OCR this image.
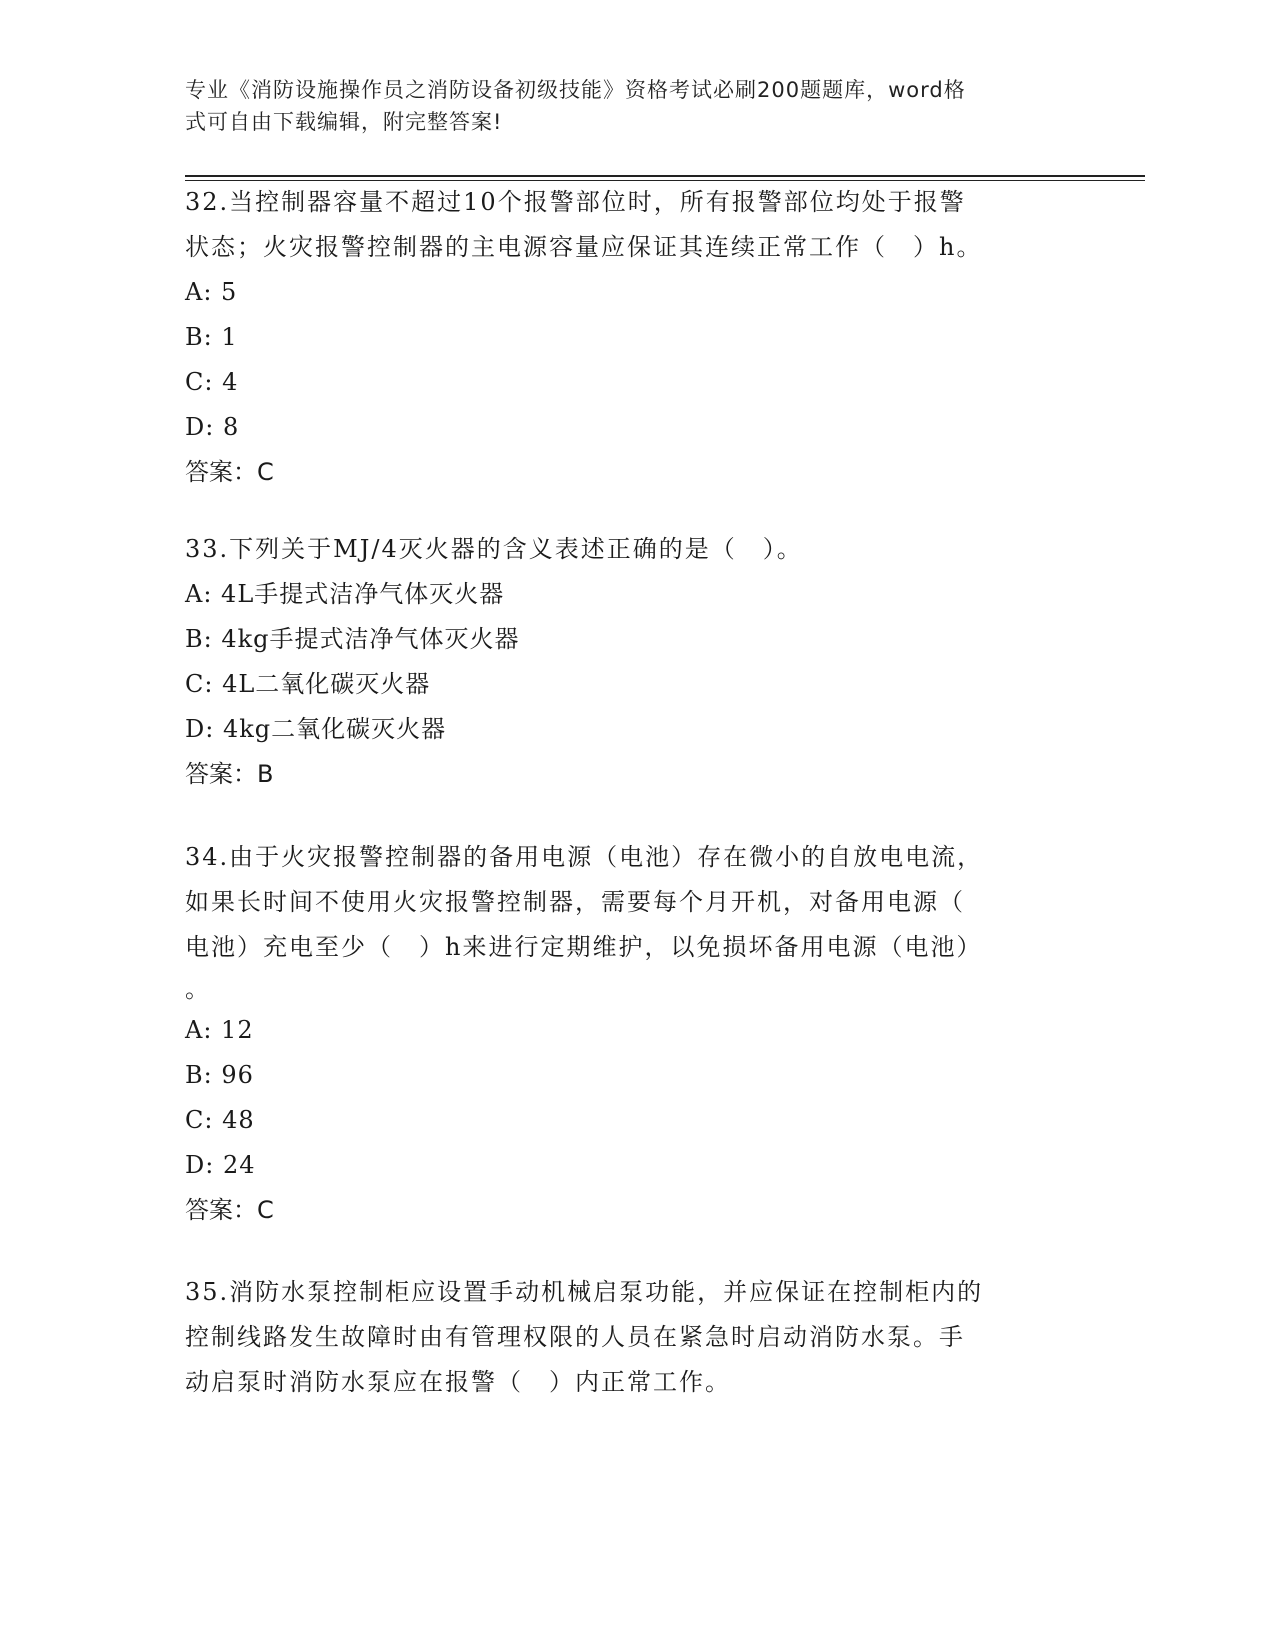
专业《消防设施操作员之消防设备初级技能》资格考试必刷200题题库，word格
式可自由下载编辑，附完整答案!

32.当控制器容量不超过10个报警部位时，所有报警部位均处于报警

状态；火灾报警控制器的主电源容量应保证其连续正常工作（　）h。

A: 5

B: 1

C: 4

D: 8

答案：C

33.下列关于MJ/4灭火器的含义表述正确的是（　）。

A: 4L手提式洁净气体灭火器

B: 4kg手提式洁净气体灭火器

C: 4L二氧化碳灭火器

D: 4kg二氧化碳灭火器

答案：B

34.由于火灾报警控制器的备用电源（电池）存在微小的自放电电流，

如果长时间不使用火灾报警控制器，需要每个月开机，对备用电源（

电池）充电至少（　）h来进行定期维护，以免损坏备用电源（电池）

。

A: 12

B: 96

C: 48

D: 24

答案：C

35.消防水泵控制柜应设置手动机械启泵功能，并应保证在控制柜内的

控制线路发生故障时由有管理权限的人员在紧急时启动消防水泵。手

动启泵时消防水泵应在报警（　）内正常工作。
